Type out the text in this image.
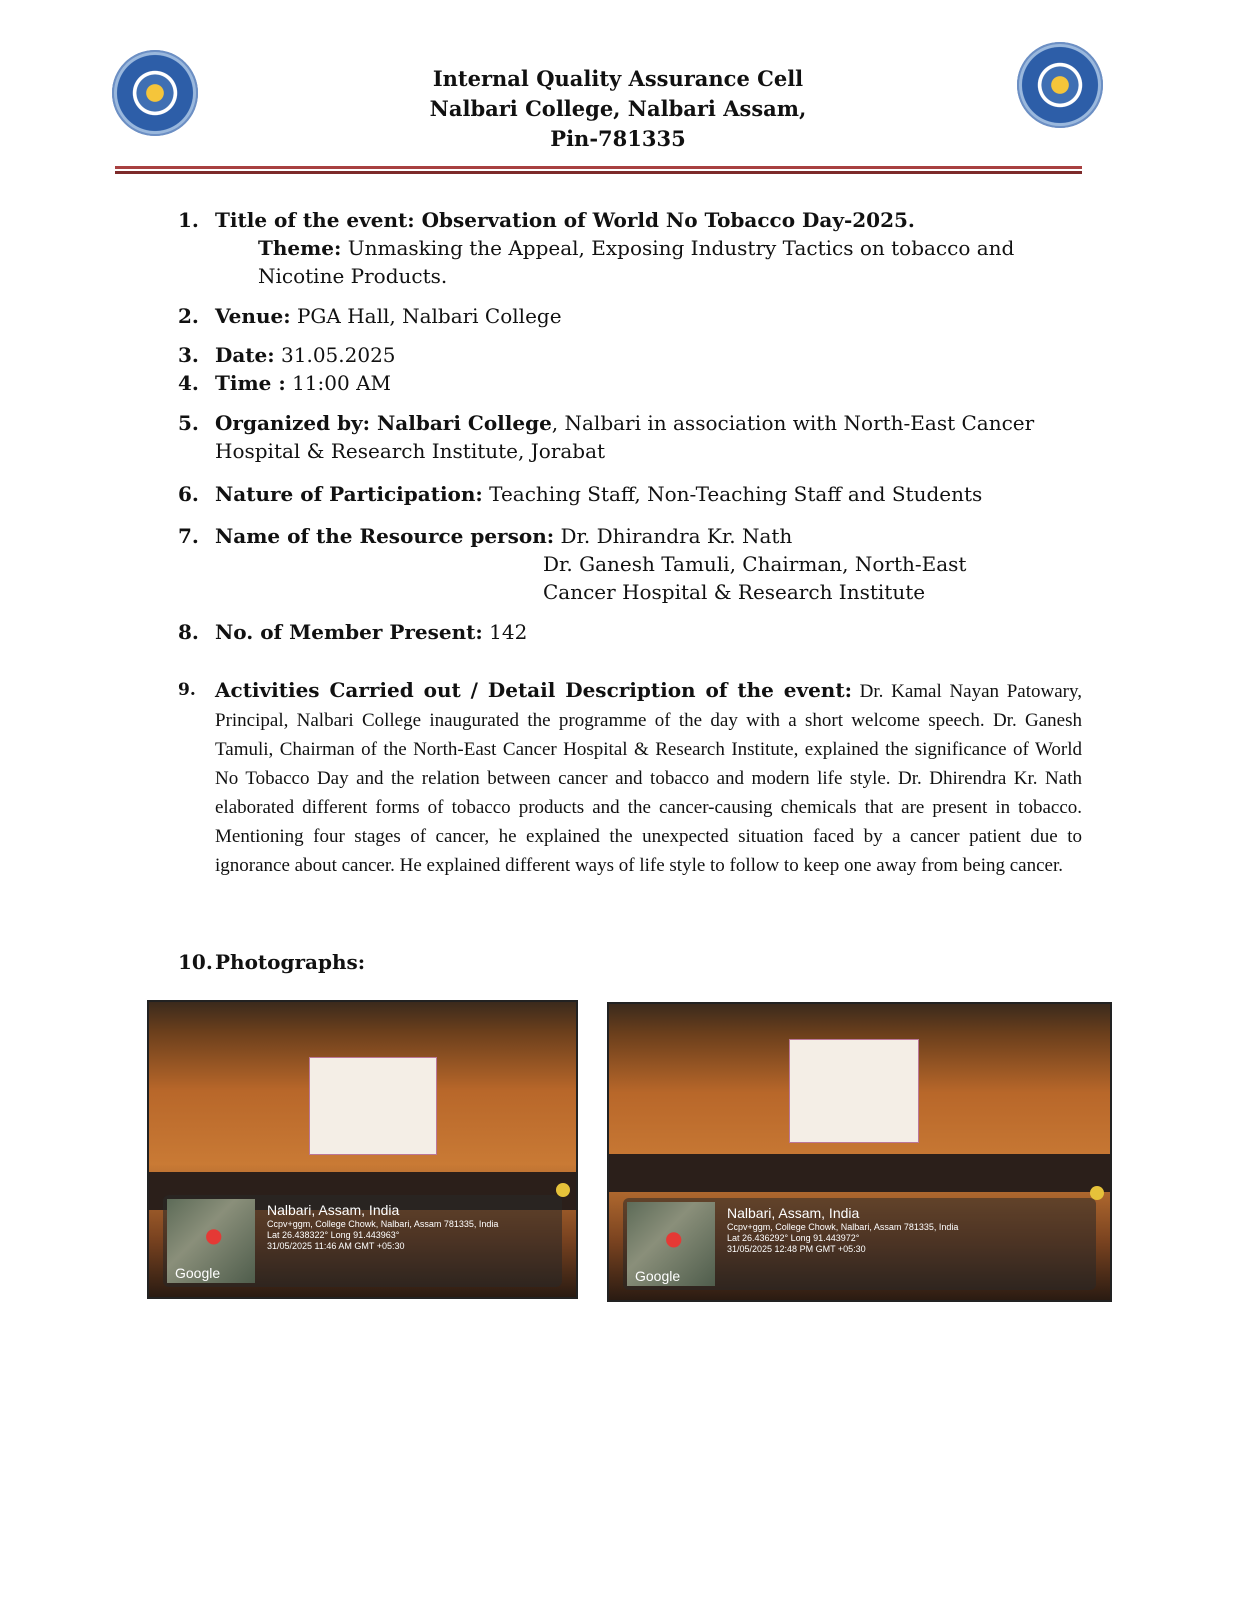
Internal Quality Assurance Cell
Nalbari College, Nalbari Assam,
Pin-781335
1. Title of the event: Observation of World No Tobacco Day-2025.
Theme: Unmasking the Appeal, Exposing Industry Tactics on tobacco and
Nicotine Products.
2. Venue: PGA Hall, Nalbari College
3. Date: 31.05.2025
4. Time : 11:00 AM
5. Organized by: Nalbari College, Nalbari in association with North-East Cancer
Hospital & Research Institute, Jorabat
6. Nature of Participation: Teaching Staff, Non-Teaching Staff and Students
7. Name of the Resource person: Dr. Dhirandra Kr. Nath
Dr. Ganesh Tamuli, Chairman, North-East
Cancer Hospital & Research Institute
8. No. of Member Present: 142
9. Activities Carried out / Detail Description of the event: Dr. Kamal Nayan Patowary, Principal, Nalbari College inaugurated the programme of the day with a short welcome speech. Dr. Ganesh Tamuli, Chairman of the North-East Cancer Hospital & Research Institute, explained the significance of World No Tobacco Day and the relation between cancer and tobacco and modern life style. Dr. Dhirendra Kr. Nath elaborated different forms of tobacco products and the cancer-causing chemicals that are present in tobacco. Mentioning four stages of cancer, he explained the unexpected situation faced by a cancer patient due to ignorance about cancer. He explained different ways of life style to follow to keep one away from being cancer.
10. Photographs:
●
Google
Nalbari, Assam, India
Ccpv+ggm, College Chowk, Nalbari, Assam 781335, India
Lat 26.438322° Long 91.443963°
31/05/2025 11:46 AM GMT +05:30	●
Google
Nalbari, Assam, India
Ccpv+ggm, College Chowk, Nalbari, Assam 781335, India
Lat 26.436292° Long 91.443972°
31/05/2025 12:48 PM GMT +05:30
